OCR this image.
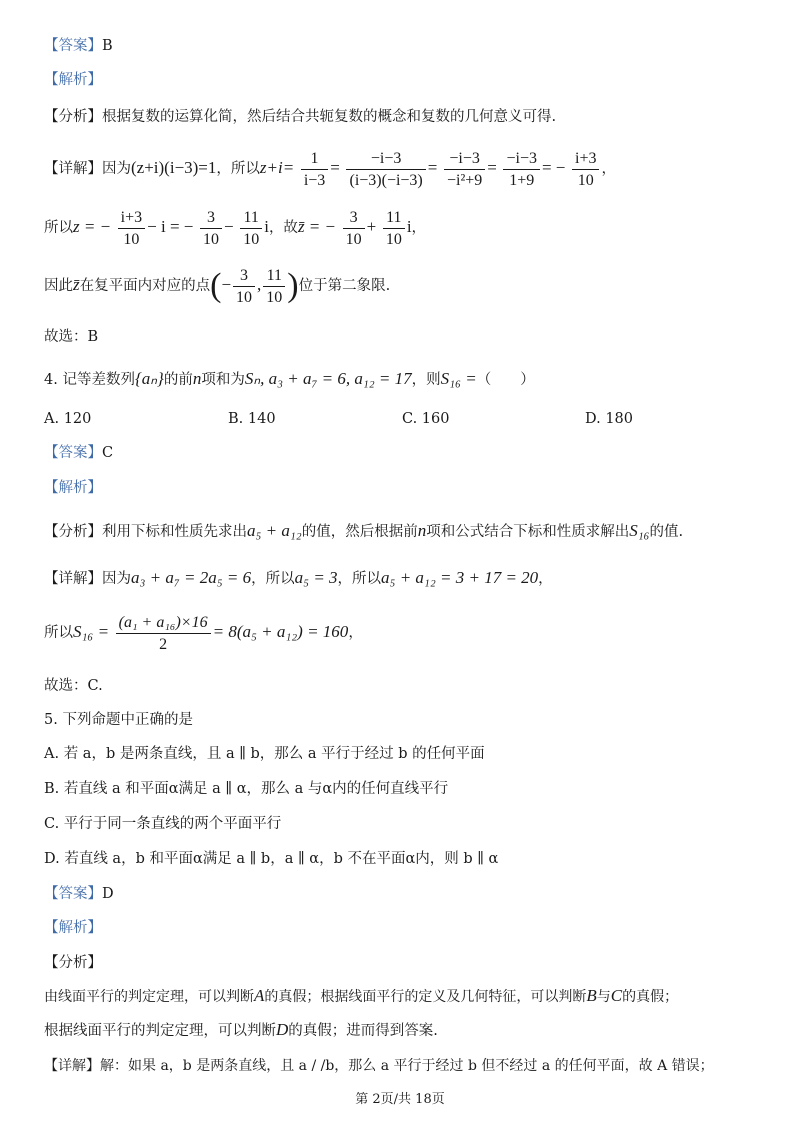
【答案】B
【解析】
【分析】根据复数的运算化简，然后结合共轭复数的概念和复数的几何意义可得.
【详解】因为(z+i)(i−3)=1，所以$z+i= \frac{1}{i-3} = \frac{-i-3}{(i-3)(-i-3)} = \frac{-i-3}{\text{−i²+9}} = \frac{-i-3}{1+9}$ = − $\frac{i+3}{10}$ ，
所以z = − $\frac{i+3}{10} - i$ = − $\frac{3}{10} - \frac{11}{10}$ i，故z̄ = − $\frac{3}{10} + \frac{11}{10}$ i，
因此z̄在复平面内对应的点(− $\frac{3}{10}$ , $\frac{11}{10}$ )位于第二象限.
故选：B
4. 记等差数列{aₙ}的前n项和为Sₙ, a₃ + a₇ = 6, a₁₂ = 17，则S₁₆ =（　　）
A. 120	B. 140	C. 160	D. 180
【答案】C
【解析】
【分析】利用下标和性质先求出a₅ + a₁₂的值，然后根据前n项和公式结合下标和性质求解出S₁₆的值.
【详解】因为a₃ + a₇ = 2a₅ = 6，所以a₅ = 3，所以a₅ + a₁₂ = 3 + 17 = 20，
所以$S_{16} = \frac{\text{(a₁ + a₁₆)×16}}{2} = 8(a_5 + a_{12}) = 160$，
故选：C.
5. 下列命题中正确的是
A. 若 a，b 是两条直线，且 a ∥ b，那么 a 平行于经过 b 的任何平面
B. 若直线 a 和平面α满足 a ∥ α，那么 a 与α内的任何直线平行
C. 平行于同一条直线的两个平面平行
D. 若直线 a，b 和平面α满足 a ∥ b，a ∥ α，b 不在平面α内，则 b ∥ α
【答案】D
【解析】
【分析】
由线面平行的判定定理，可以判断A的真假；根据线面平行的定义及几何特征，可以判断B与C的真假；
根据线面平行的判定定理，可以判断D的真假；进而得到答案.
【详解】解：如果 a，b 是两条直线，且 a / /b，那么 a 平行于经过 b 但不经过 a 的任何平面，故 A 错误；
第 2页/共 18页
